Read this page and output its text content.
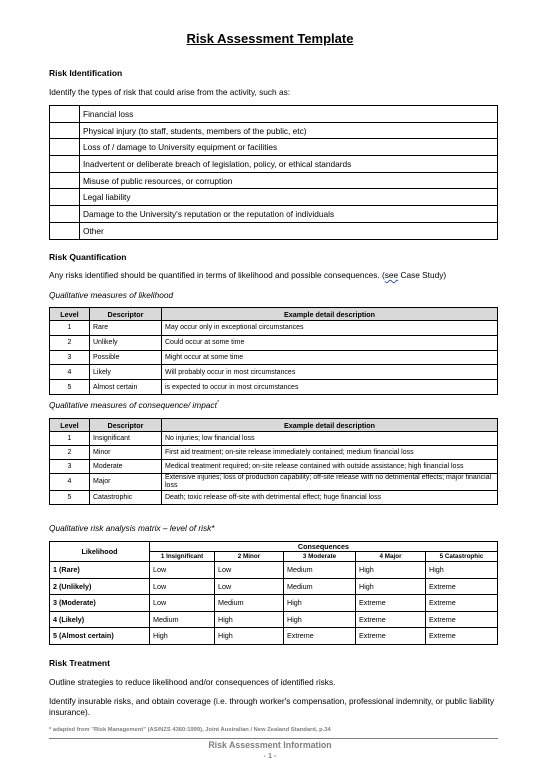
Risk Assessment Template
Risk Identification
Identify the types of risk that could arise from the activity, such as:
	Financial loss
	Physical injury (to staff, students, members of the public, etc)
	Loss of / damage to University equipment or facilities
	Inadvertent or deliberate breach of legislation, policy, or ethical standards
	Misuse of public resources, or corruption
	Legal liability
	Damage to the University's reputation or the reputation of individuals
	Other
Risk Quantification
Any risks identified should be quantified in terms of likelihood and possible consequences. (see Case Study)
Qualitative measures of likelihood
Level	Descriptor	Example detail description
1	Rare	May occur only in exceptional circumstances
2	Unlikely	Could occur at some time
3	Possible	Might occur at some time
4	Likely	Will probably occur in most circumstances
5	Almost certain	is expected to occur in most circumstances
Qualitative measures of consequence/ impact*
Level	Descriptor	Example detail description
1	Insignificant	No injuries; low financial loss
2	Minor	First aid treatment; on-site release immediately contained; medium financial loss
3	Moderate	Medical treatment required; on-site release contained with outside assistance; high financial loss
4	Major	Extensive injuries; loss of production capability; off-site release with no detrimental effects; major financial loss
5	Catastrophic	Death; toxic release off-site with detrimental effect; huge financial loss
Qualitative risk analysis matrix – level of risk*
Likelihood	Consequences				
	1 Insignificant	2 Minor	3 Moderate	4 Major	5 Catastrophic
1 (Rare)	Low	Low	Medium	High	High
2 (Unlikely)	Low	Low	Medium	High	Extreme
3 (Moderate)	Low	Medium	High	Extreme	Extreme
4 (Likely)	Medium	High	High	Extreme	Extreme
5 (Almost certain)	High	High	Extreme	Extreme	Extreme
Risk Treatment
Outline strategies to reduce likelihood and/or consequences of identified risks.
Identify insurable risks, and obtain coverage (i.e. through worker's compensation, professional indemnity, or public liability insurance).
* adapted from "Risk Management" (AS/NZS 4360:1999), Joint Australian / New Zealand Standard, p.34
Risk Assessment Information
- 1 -
